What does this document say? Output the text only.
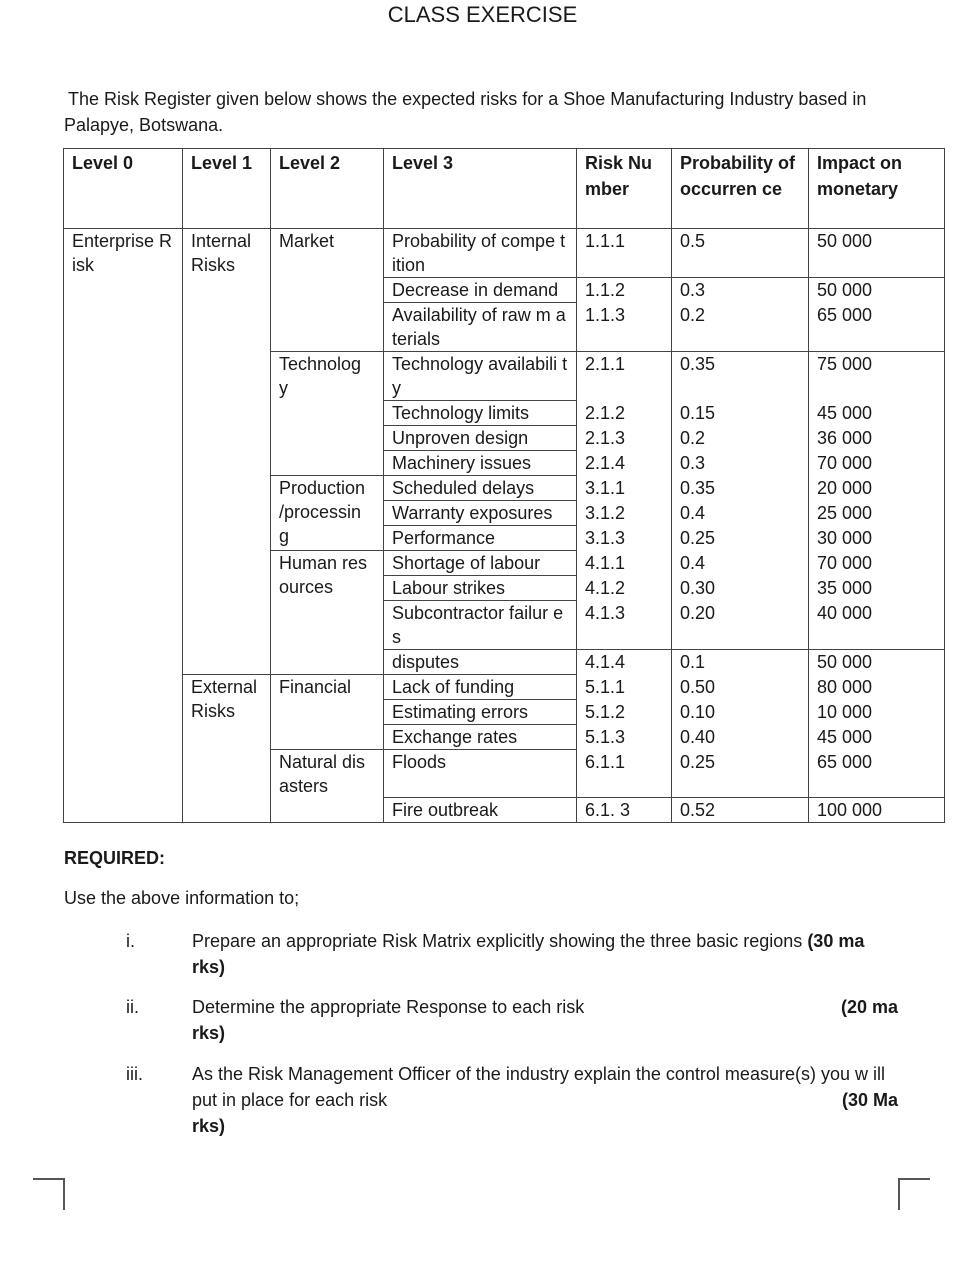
CLASS EXERCISE
The Risk Register given below shows the expected risks for a Shoe Manufacturing Industry based in
Palapye, Botswana.
Level 0	Level 1	Level 2	Level 3	Risk Nu mber	Probability of occurren ce	Impact on monetary
Enterprise R isk	Internal Risks	Market	Probability of compe tition	1.1.1	0.5	50 000
			Decrease in demand	1.1.2	0.3	50 000
			Availability of raw m aterials	1.1.3	0.2	65 000
		Technolog y	Technology availabili ty	2.1.1	0.35	75 000
			Technology limits	2.1.2	0.15	45 000
			Unproven design	2.1.3	0.2	36 000
			Machinery issues	2.1.4	0.3	70 000
		Production /processin g	Scheduled delays	3.1.1	0.35	20 000
			Warranty exposures	3.1.2	0.4	25 000
			Performance	3.1.3	0.25	30 000
		Human res ources	Shortage of labour	4.1.1	0.4	70 000
			Labour strikes	4.1.2	0.30	35 000
			Subcontractor failur es	4.1.3	0.20	40 000
			disputes	4.1.4	0.1	50 000
	External Risks	Financial	Lack of funding	5.1.1	0.50	80 000
			Estimating errors	5.1.2	0.10	10 000
			Exchange rates	5.1.3	0.40	45 000
		Natural dis asters	Floods	6.1.1	0.25	65 000
			Fire outbreak	6.1. 3	0.52	100 000
REQUIRED:
Use the above information to;
i.	Prepare an appropriate Risk Matrix explicitly showing the three basic regions (30 ma rks)
ii.	(20 ma
Determine the appropriate Response to each risk
rks)
iii.	As the Risk Management Officer of the industry explain the control measure(s) you w ill put in place for each risk	(30 Ma

rks)
